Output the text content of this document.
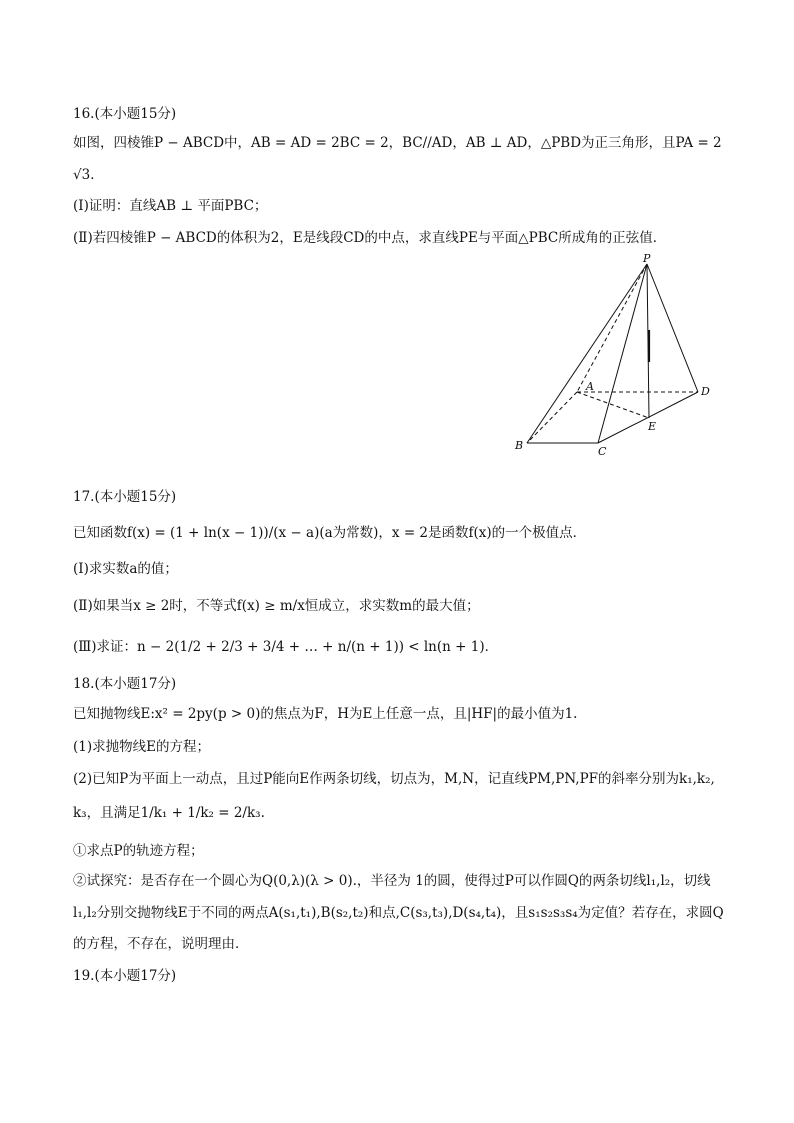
16.(本小题15分)
如图，四棱锥P − ABCD中，AB = AD = 2BC = 2，BC//AD，AB ⊥ AD，△PBD为正三角形，且PA = 2
√3．
(Ⅰ)证明：直线AB ⊥ 平面PBC；
(Ⅱ)若四棱锥P − ABCD的体积为2，E是线段CD的中点，求直线PE与平面△PBC所成角的正弦值．
P
A
B	C
D
E
17.(本小题15分)
已知函数f(x) = (1 + ln(x − 1))/(x − a)(a为常数)，x = 2是函数f(x)的一个极值点．
(Ⅰ)求实数a的值；
(Ⅱ)如果当x ≥ 2时，不等式f(x) ≥ m/x恒成立，求实数m的最大值；
(Ⅲ)求证：n − 2(1/2 + 2/3 + 3/4 + … + n/(n + 1)) < ln(n + 1)．
18.(本小题17分)
已知抛物线E:x² = 2py(p > 0)的焦点为F，H为E上任意一点，且|HF|的最小值为1.
(1)求抛物线E的方程；
(2)已知P为平面上一动点，且过P能向E作两条切线，切点为，M,N，记直线PM,PN,PF的斜率分别为k₁,k₂,
k₃，且满足1/k₁ + 1/k₂ = 2/k₃.
①求点P的轨迹方程；
②试探究：是否存在一个圆心为Q(0,λ)(λ > 0).，半径为 1的圆，使得过P可以作圆Q的两条切线l₁,l₂，切线
l₁,l₂分别交抛物线E于不同的两点A(s₁,t₁),B(s₂,t₂)和点,C(s₃,t₃),D(s₄,t₄)，且s₁s₂s₃s₄为定值？若存在，求圆Q
的方程，不存在，说明理由．
19.(本小题17分)
